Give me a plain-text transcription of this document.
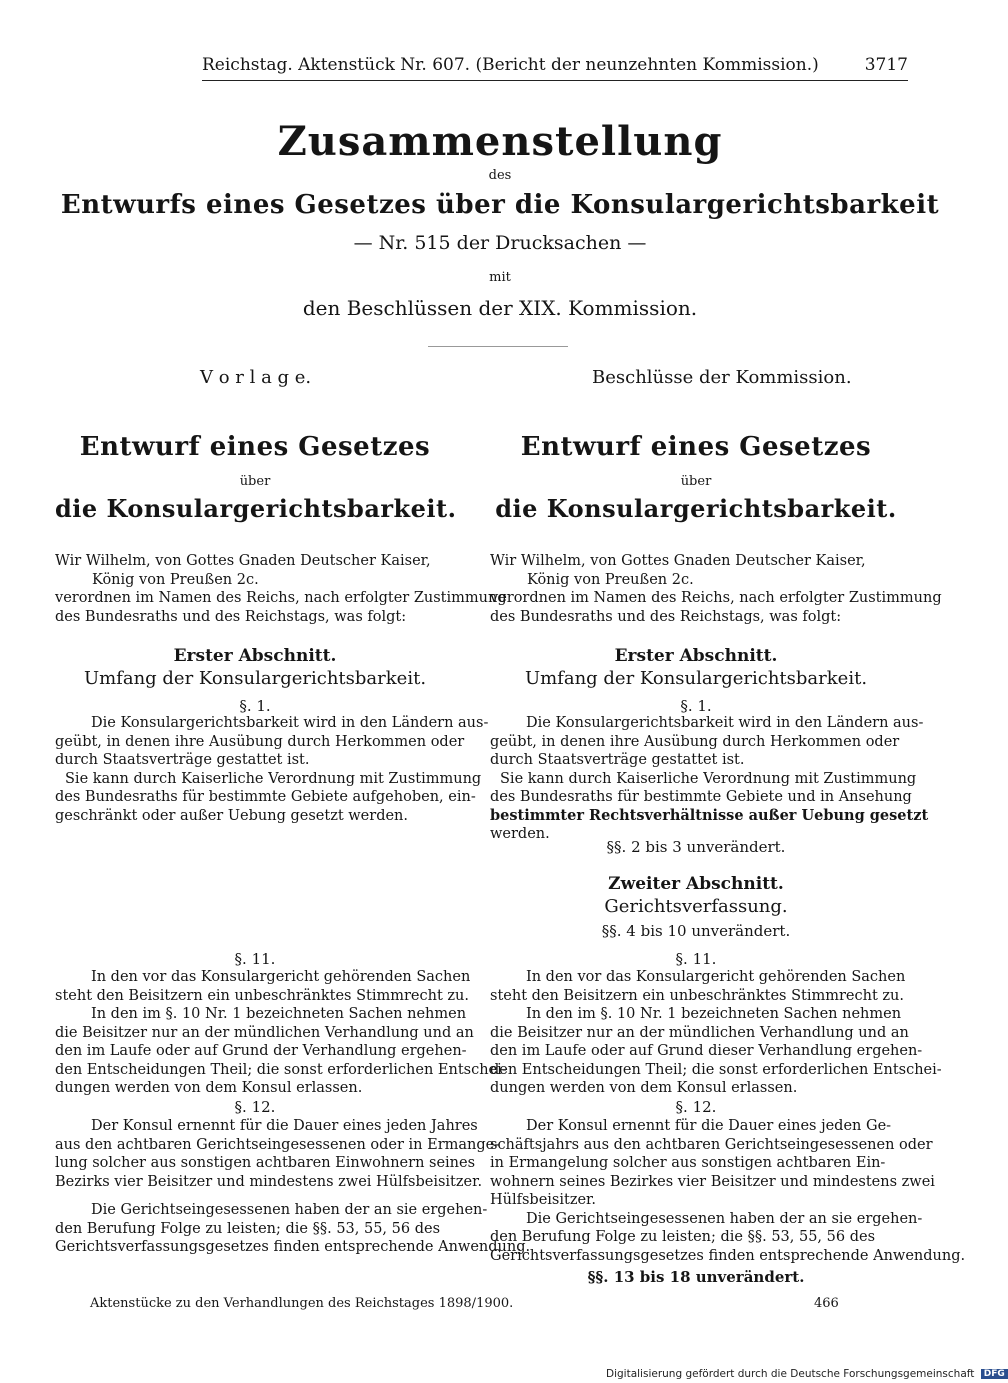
Reichstag. Aktenstück Nr. 607. (Bericht der neunzehnten Kommission.)	3717
Zusammenstellung
des
Entwurfs eines Gesetzes über die Konsulargerichtsbarkeit
— Nr. 515 der Drucksachen —
mit
den Beschlüssen der XIX. Kommission.
V o r l a g e.
Entwurf eines Gesetzes
über
die Konsulargerichtsbarkeit.
Wir Wilhelm, von Gottes Gnaden Deutscher Kaiser,
König von Preußen 2c.
verordnen im Namen des Reichs, nach erfolgter Zustimmung
des Bundesraths und des Reichstags, was folgt:
Erster Abschnitt.
Umfang der Konsulargerichtsbarkeit.
§. 1.
Die Konsulargerichtsbarkeit wird in den Ländern aus-
geübt, in denen ihre Ausübung durch Herkommen oder
durch Staatsverträge gestattet ist.
Sie kann durch Kaiserliche Verordnung mit Zustimmung
des Bundesraths für bestimmte Gebiete aufgehoben, ein-
geschränkt oder außer Uebung gesetzt werden.
§. 11.
In den vor das Konsulargericht gehörenden Sachen
steht den Beisitzern ein unbeschränktes Stimmrecht zu.
In den im §. 10 Nr. 1 bezeichneten Sachen nehmen
die Beisitzer nur an der mündlichen Verhandlung und an
den im Laufe oder auf Grund der Verhandlung ergehen-
den Entscheidungen Theil; die sonst erforderlichen Entschei-
dungen werden von dem Konsul erlassen.
§. 12.
Der Konsul ernennt für die Dauer eines jeden Jahres
aus den achtbaren Gerichtseingesessenen oder in Ermange-
lung solcher aus sonstigen achtbaren Einwohnern seines
Bezirks vier Beisitzer und mindestens zwei Hülfsbeisitzer.
Die Gerichtseingesessenen haben der an sie ergehen-
den Berufung Folge zu leisten; die §§. 53, 55, 56 des
Gerichtsverfassungsgesetzes finden entsprechende Anwendung.
Beschlüsse der Kommission.
Entwurf eines Gesetzes
über
die Konsulargerichtsbarkeit.
Wir Wilhelm, von Gottes Gnaden Deutscher Kaiser,
König von Preußen 2c.
verordnen im Namen des Reichs, nach erfolgter Zustimmung
des Bundesraths und des Reichstags, was folgt:
Erster Abschnitt.
Umfang der Konsulargerichtsbarkeit.
§. 1.
Die Konsulargerichtsbarkeit wird in den Ländern aus-
geübt, in denen ihre Ausübung durch Herkommen oder
durch Staatsverträge gestattet ist.
Sie kann durch Kaiserliche Verordnung mit Zustimmung
des Bundesraths für bestimmte Gebiete und in Ansehung
bestimmter Rechtsverhältnisse außer Uebung gesetzt
werden.
§§. 2 bis 3 unverändert.
Zweiter Abschnitt.
Gerichtsverfassung.
§§. 4 bis 10 unverändert.
§. 11.
In den vor das Konsulargericht gehörenden Sachen
steht den Beisitzern ein unbeschränktes Stimmrecht zu.
In den im §. 10 Nr. 1 bezeichneten Sachen nehmen
die Beisitzer nur an der mündlichen Verhandlung und an
den im Laufe oder auf Grund dieser Verhandlung ergehen-
den Entscheidungen Theil; die sonst erforderlichen Entschei-
dungen werden von dem Konsul erlassen.
§. 12.
Der Konsul ernennt für die Dauer eines jeden Ge-
schäftsjahrs aus den achtbaren Gerichtseingesessenen oder
in Ermangelung solcher aus sonstigen achtbaren Ein-
wohnern seines Bezirkes vier Beisitzer und mindestens zwei
Hülfsbeisitzer.
Die Gerichtseingesessenen haben der an sie ergehen-
den Berufung Folge zu leisten; die §§. 53, 55, 56 des
Gerichtsverfassungsgesetzes finden entsprechende Anwendung.
§§. 13 bis 18 unverändert.
Aktenstücke zu den Verhandlungen des Reichstages 1898/1900.	466
Digitalisierung gefördert durch die Deutsche Forschungsgemeinschaft DFG
